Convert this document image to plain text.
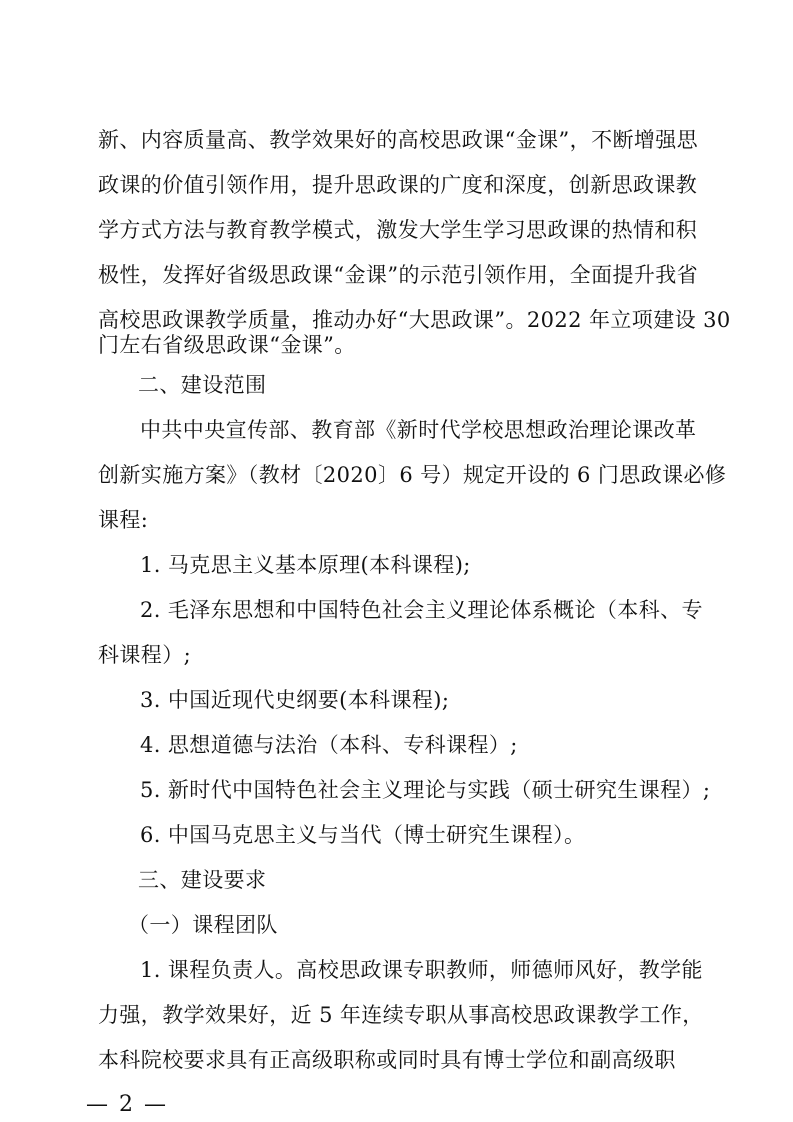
新、内容质量高、教学效果好的高校思政课“金课”，不断增强思
政课的价值引领作用，提升思政课的广度和深度，创新思政课教
学方式方法与教育教学模式，激发大学生学习思政课的热情和积
极性，发挥好省级思政课“金课”的示范引领作用，全面提升我省
高校思政课教学质量，推动办好“大思政课”。2022 年立项建设 30
门左右省级思政课“金课”。
二、建设范围
中共中央宣传部、教育部《新时代学校思想政治理论课改革
创新实施方案》（教材〔2020〕6 号）规定开设的 6 门思政课必修
课程:
1. 马克思主义基本原理(本科课程);
2. 毛泽东思想和中国特色社会主义理论体系概论（本科、专
科课程）;
3. 中国近现代史纲要(本科课程);
4. 思想道德与法治（本科、专科课程）;
5. 新时代中国特色社会主义理论与实践（硕士研究生课程）;
6. 中国马克思主义与当代（博士研究生课程）。
三、建设要求
（一）课程团队
1. 课程负责人。高校思政课专职教师，师德师风好，教学能
力强，教学效果好，近 5 年连续专职从事高校思政课教学工作，
本科院校要求具有正高级职称或同时具有博士学位和副高级职
— 2 —
